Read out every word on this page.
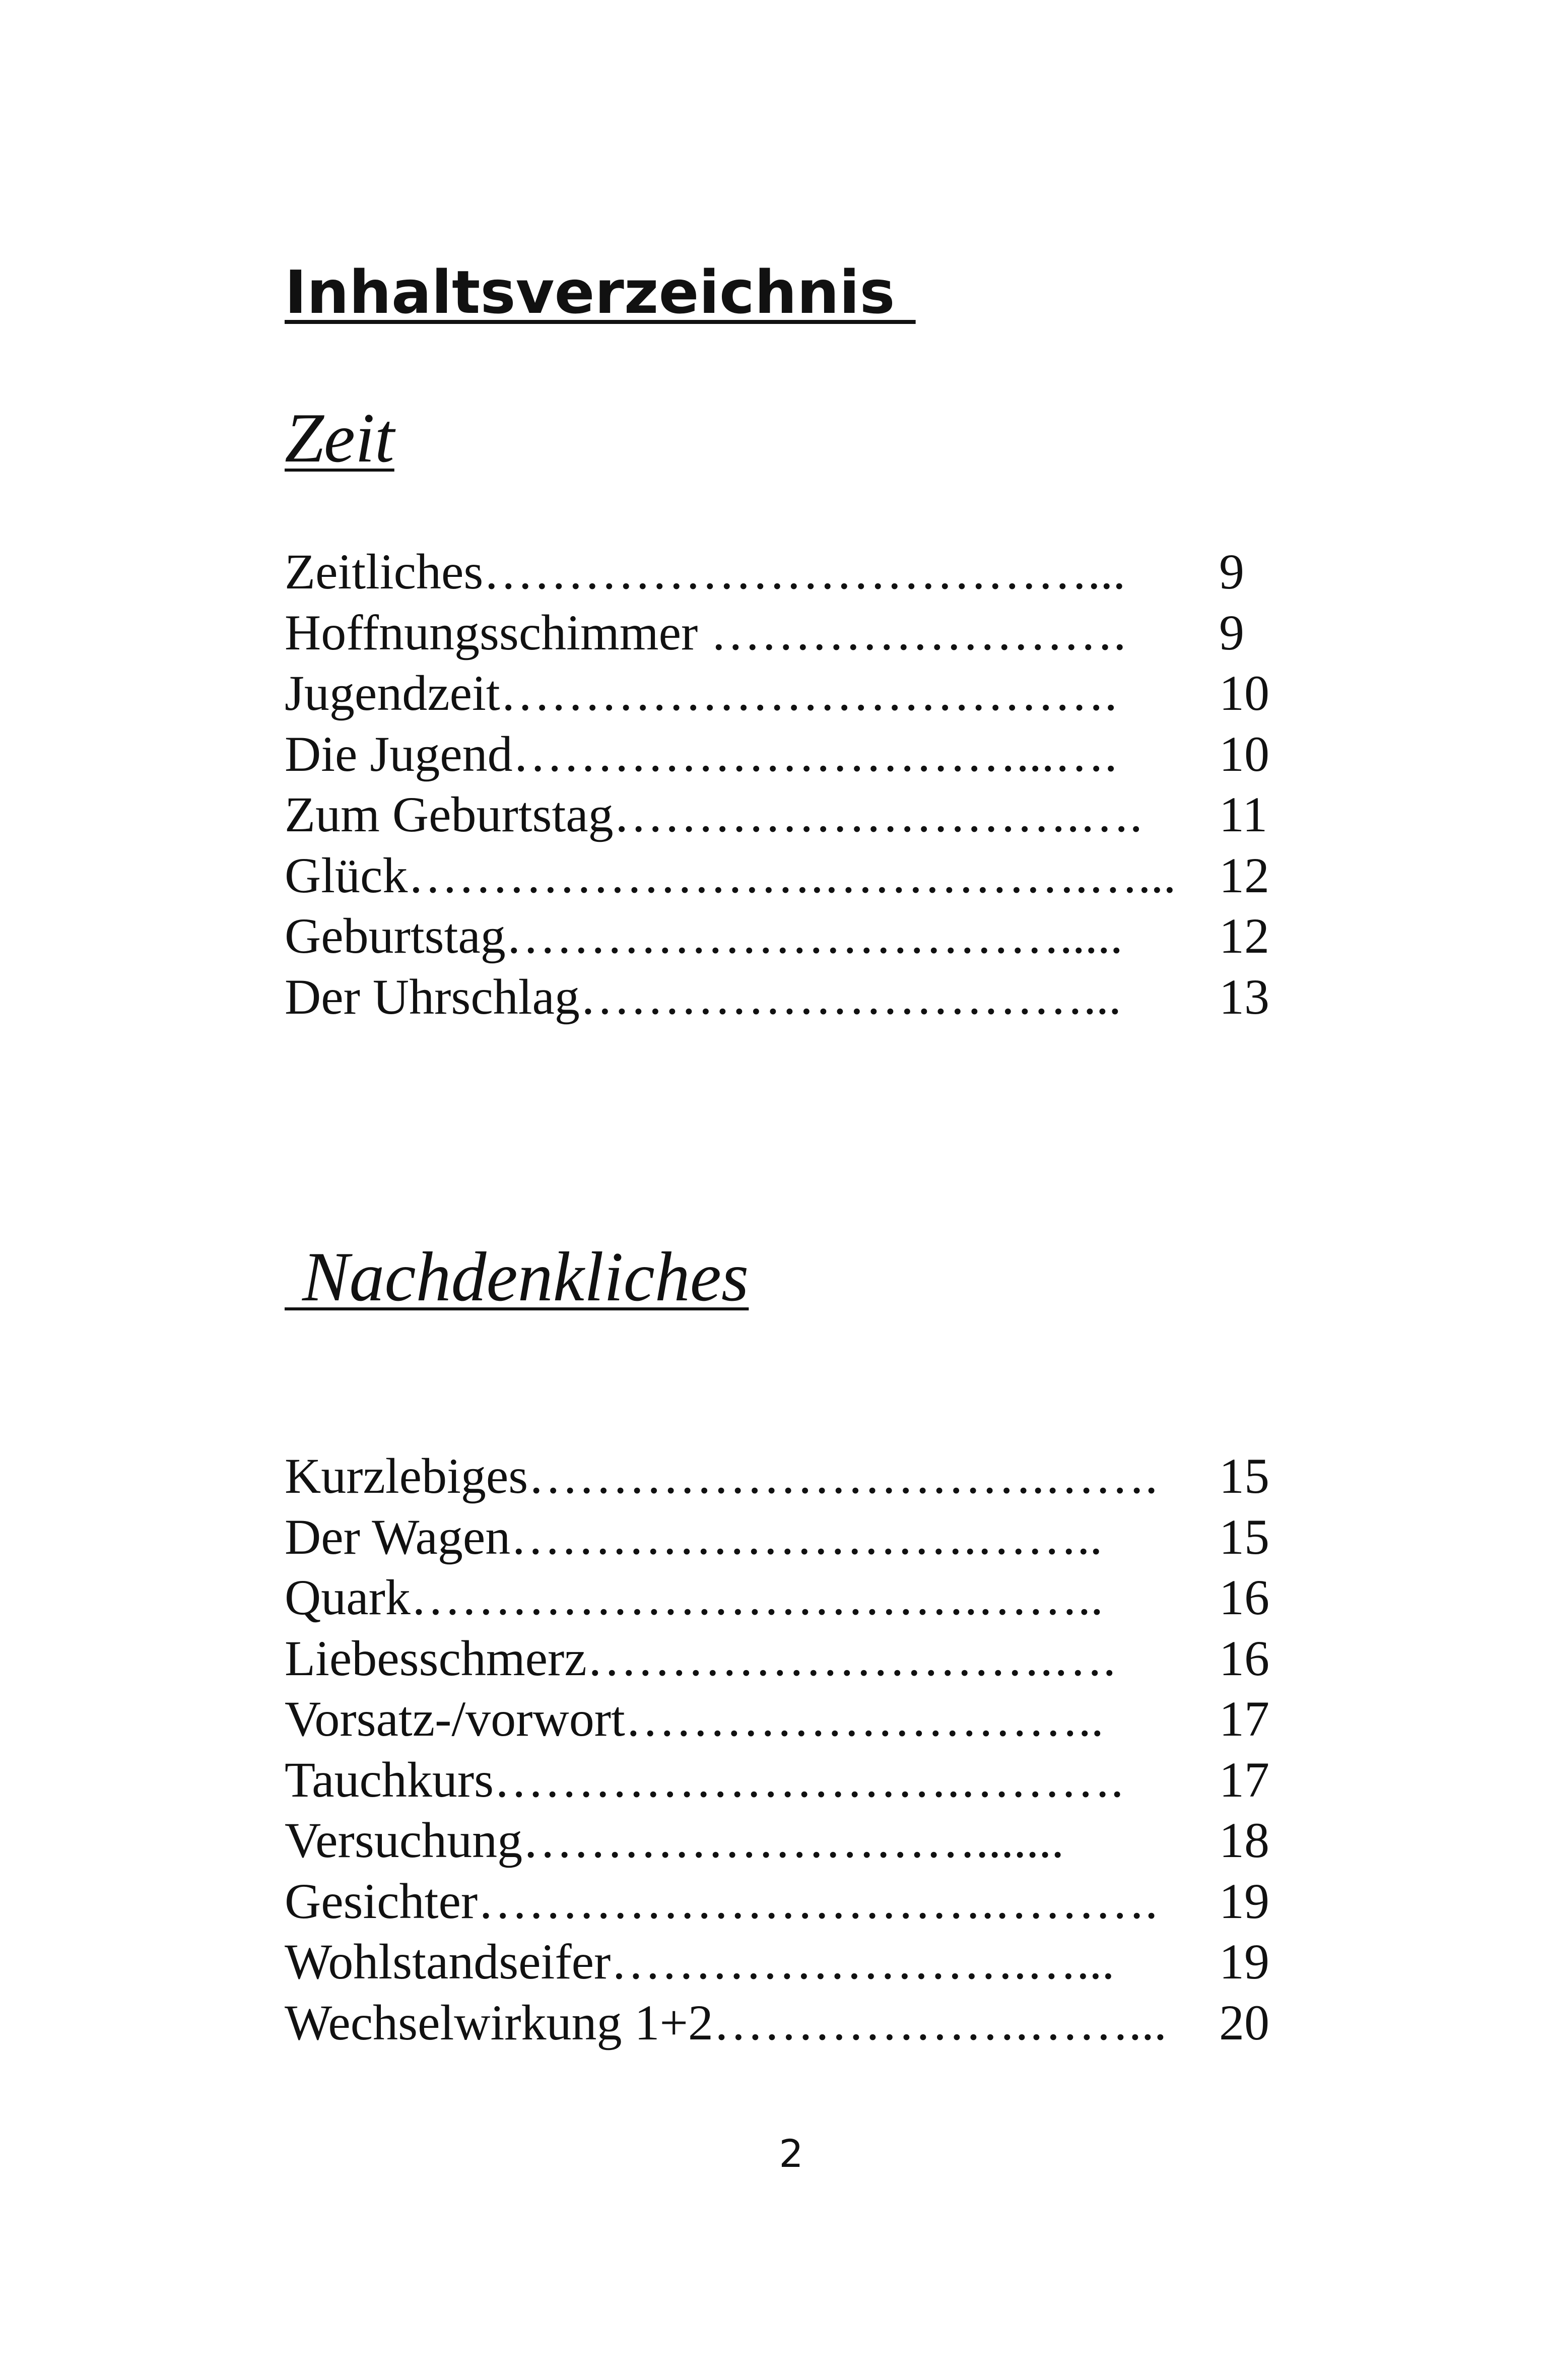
Inhaltsverzeichnis
Zeit
Zeitliches………………………………...	9
Hoffnungsschimmer …………………….	9
Jugendzeit……………………………….	10
Die Jugend…………………………...….	10
Zum Geburtstag……………………….….	11
Glück…………………….…………….…... 12
Geburtstag…………………………….....	12
Der Uhrschlag…………………………...	13
Nachdenkliches
Kurzlebiges………………………….…….	15
Der Wagen……………………….……..	15
Quark…………………………….……..	16
Liebesschmerz……………………….….	16
Vorsatz-/vorwort………………………..	17
Tauchkurs……………………….……….	17
Versuchung……………………….......	18
Gesichter………………………….……….	19
Wohlstandseifer…………………….…...	19
Wechselwirkung 1+2……………….……... 20

2
